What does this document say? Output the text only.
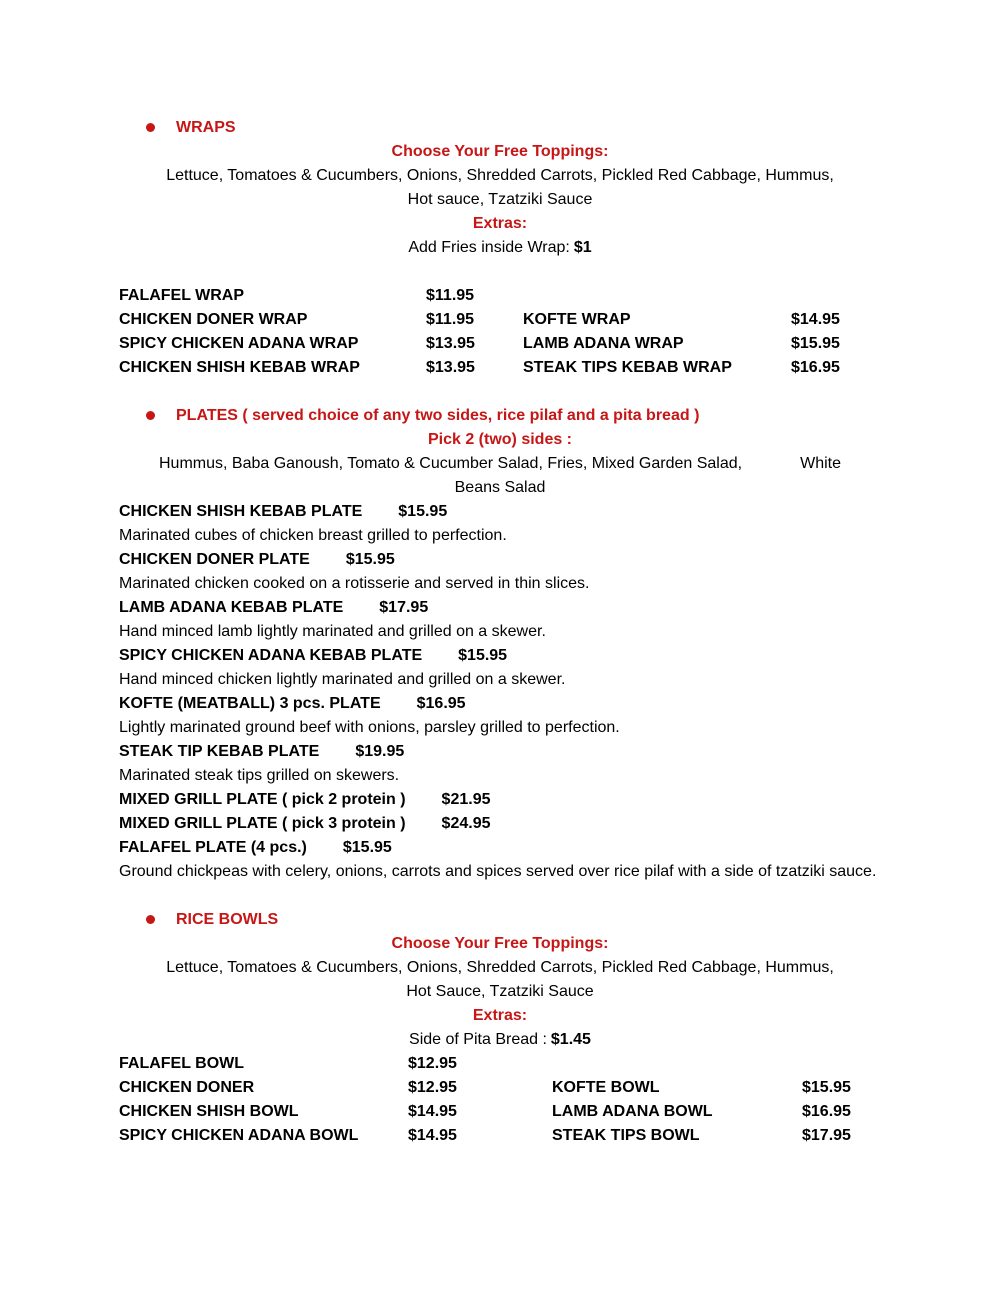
WRAPS
Choose Your Free Toppings:
Lettuce, Tomatoes & Cucumbers, Onions, Shredded Carrots, Pickled Red Cabbage, Hummus,
Hot sauce, Tzatziki Sauce
Extras:
Add Fries inside Wrap: $1
FALAFEL WRAP	$11.95
CHICKEN DONER WRAP	$11.95	KOFTE WRAP	$14.95
SPICY CHICKEN ADANA WRAP	$13.95	LAMB ADANA WRAP	$15.95
CHICKEN SHISH KEBAB WRAP	$13.95	STEAK TIPS KEBAB WRAP	$16.95
PLATES ( served choice of any two sides, rice pilaf and a pita bread )
Pick 2 (two) sides :
Hummus, Baba Ganoush, Tomato & Cucumber Salad, Fries, Mixed Garden Salad,	White
Beans Salad
CHICKEN SHISH KEBAB PLATE $15.95
Marinated cubes of chicken breast grilled to perfection.
CHICKEN DONER PLATE $15.95
Marinated chicken cooked on a rotisserie and served in thin slices.
LAMB ADANA KEBAB PLATE $17.95
Hand minced lamb lightly marinated and grilled on a skewer.
SPICY CHICKEN ADANA KEBAB PLATE $15.95
Hand minced chicken lightly marinated and grilled on a skewer.
KOFTE (MEATBALL) 3 pcs. PLATE $16.95
Lightly marinated ground beef with onions, parsley grilled to perfection.
STEAK TIP KEBAB PLATE $19.95
Marinated steak tips grilled on skewers.
MIXED GRILL PLATE ( pick 2 protein ) $21.95
MIXED GRILL PLATE ( pick 3 protein ) $24.95
FALAFEL PLATE (4 pcs.) $15.95
Ground chickpeas with celery, onions, carrots and spices served over rice pilaf with a side of tzatziki sauce.
RICE BOWLS
Choose Your Free Toppings:
Lettuce, Tomatoes & Cucumbers, Onions, Shredded Carrots, Pickled Red Cabbage, Hummus,
Hot Sauce, Tzatziki Sauce
Extras:
Side of Pita Bread : $1.45
FALAFEL BOWL	$12.95
CHICKEN DONER	$12.95	KOFTE BOWL	$15.95
CHICKEN SHISH BOWL	$14.95	LAMB ADANA BOWL	$16.95
SPICY CHICKEN ADANA BOWL	$14.95	STEAK TIPS BOWL	$17.95
